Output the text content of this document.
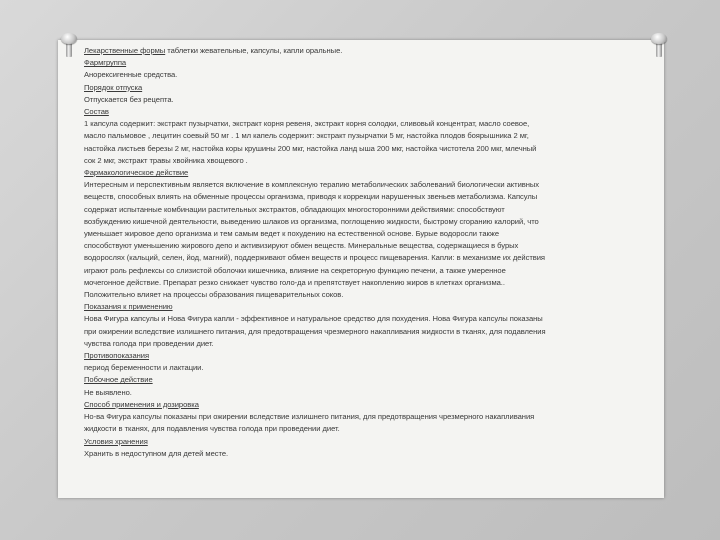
Лекарственные формы таблетки жевательные, капсулы, капли оральные.

Фармгруппа

Анорексигенные средства.

Порядок отпуска

Отпускается без рецепта.

Состав

1 капсула содержит: экстракт пузырчатки, экстракт корня ревеня, экстракт корня солодки, сливовый концентрат, масло соевое,

масло пальмовое , лецитин соевый 50 мг . 1 мл капель содержит: экстракт пузырчатки 5 мг, настойка плодов боярышника 2 мг,

настойка листьев березы 2 мг, настойка коры крушины 200 мкг, настойка ланд ыша 200 мкг, настойка чистотела 200 мкг, млечный

сок 2 мкг, экстракт травы хвойника хвощевого .

Фармакологическое действие

Интересным и перспективным является включение в комплексную терапию метаболических заболеваний биологически активных

веществ, способных влиять на обменные процессы организма, приводя к коррекции нарушенных звеньев метаболизма. Капсулы

содержат испытанные комбинации растительных экстрактов, обладающих многосторонними действиями: способствуют

возбуждению кишечной деятельности, выведению шлаков из организма, поглощению жидкости, быстрому сгоранию калорий, что

уменьшает жировое депо организма и тем самым ведет к похудению на естественной основе. Бурые водоросли также

способствуют уменьшению жирового депо и активизируют обмен веществ. Минеральные вещества, содержащиеся в бурых

водорослях (кальций, селен, йод, магний), поддерживают обмен веществ и процесс пищеварения. Капли: в механизме их действия

играют роль рефлексы со слизистой оболочки кишечника, влияние на секреторную функцию печени, а также умеренное

мочегонное действие. Препарат резко снижает чувство голо-да и препятствует накоплению жиров в клетках организма..

Положительно влияет на процессы образования пищеварительных соков.

Показания к применению

Нова Фигура капсулы и Нова Фигура капли - эффективное и натуральное средство для похудения. Нова Фигура капсулы показаны

при ожирении вследствие излишнего питания, для предотвращения чрезмерного накапливания жидкости в тканях, для подавления

чувства голода при проведении диет.

Противопоказания

период беременности и лактации.

Побочное действие

Не выявлено.

Способ применения и дозировка

Но-ва Фигура капсулы показаны при ожирении вследствие излишнего питания, для предотвращения чрезмерного накапливания

жидкости в тканях, для подавления чувства голода при проведении диет.

Условия хранения

Хранить в недоступном для детей месте.
